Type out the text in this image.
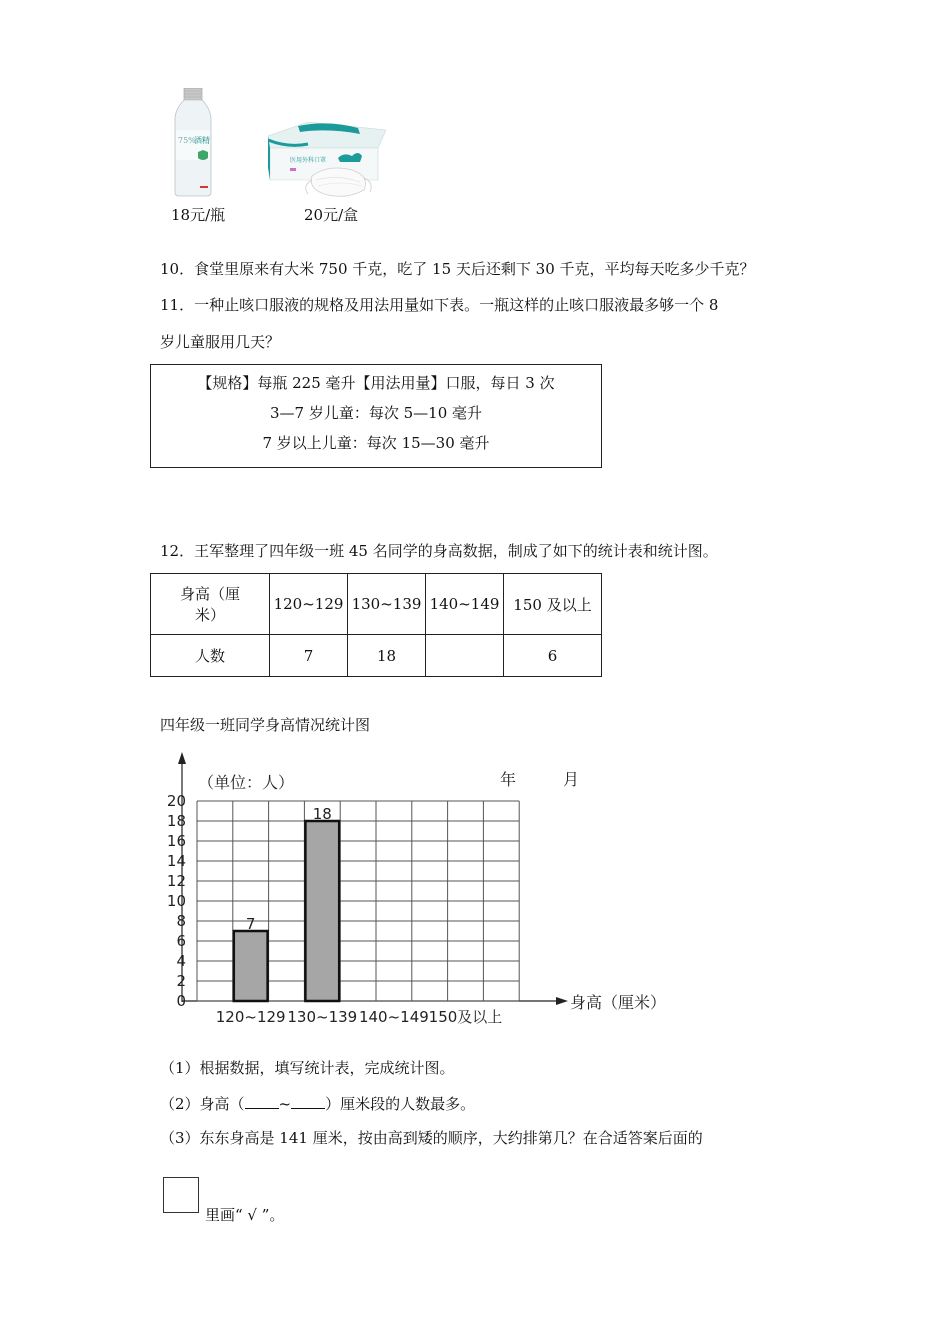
75%
酒精
医用外科口罩
18元/瓶	20元/盒
10．食堂里原来有大米 750 千克，吃了 15 天后还剩下 30 千克，平均每天吃多少千克？
11．一种止咳口服液的规格及用法用量如下表。一瓶这样的止咳口服液最多够一个 8
岁儿童服用几天？
【规格】每瓶 225 毫升【用法用量】口服，每日 3 次
3—7 岁儿童：每次 5—10 毫升
7 岁以上儿童：每次 15—30 毫升
12．王军整理了四年级一班 45 名同学的身高数据，制成了如下的统计表和统计图。
身高（厘
米）	120~129	130~139	140~149	150 及以上
人数	7	18		6
四年级一班同学身高情况统计图
7
18
0
2
4
6
8
10
12
14
16
18
20
120~129 130~139 140~149 150及以上
（单位：人）	年	月
身高（厘米）
（1）根据数据，填写统计表，完成统计图。
（2）身高（ ~ ）厘米段的人数最多。
（3）东东身高是 141 厘米，按由高到矮的顺序，大约排第几？在合适答案后面的
里画“ √ ”。
